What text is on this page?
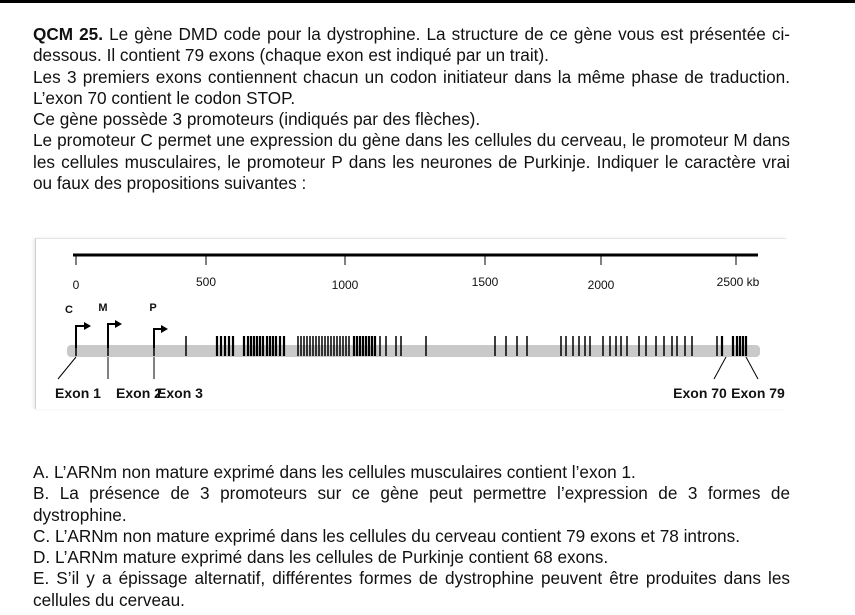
QCM 25. Le gène DMD code pour la dystrophine. La structure de ce gène vous est présentée ci-dessous. Il contient 79 exons (chaque exon est indiqué par un trait).

Les 3 premiers exons contiennent chacun un codon initiateur dans la même phase de traduction. L’exon 70 contient le codon STOP.

Ce gène possède 3 promoteurs (indiqués par des flèches).

Le promoteur C permet une expression du gène dans les cellules du cerveau, le promoteur M dans les cellules musculaires, le promoteur P dans les neurones de Purkinje. Indiquer le caractère vrai ou faux des propositions suivantes :

0	500	1000	1500	2000	2500 kb
C M	P
Exon 1 Exon 2
Exon 3	Exon 70 Exon 79

A. L’ARNm non mature exprimé dans les cellules musculaires contient l’exon 1.

B. La présence de 3 promoteurs sur ce gène peut permettre l’expression de 3 formes de dystrophine.

C. L’ARNm non mature exprimé dans les cellules du cerveau contient 79 exons et 78 introns.

D. L’ARNm mature exprimé dans les cellules de Purkinje contient 68 exons.

E. S’il y a épissage alternatif, différentes formes de dystrophine peuvent être produites dans les cellules du cerveau.
